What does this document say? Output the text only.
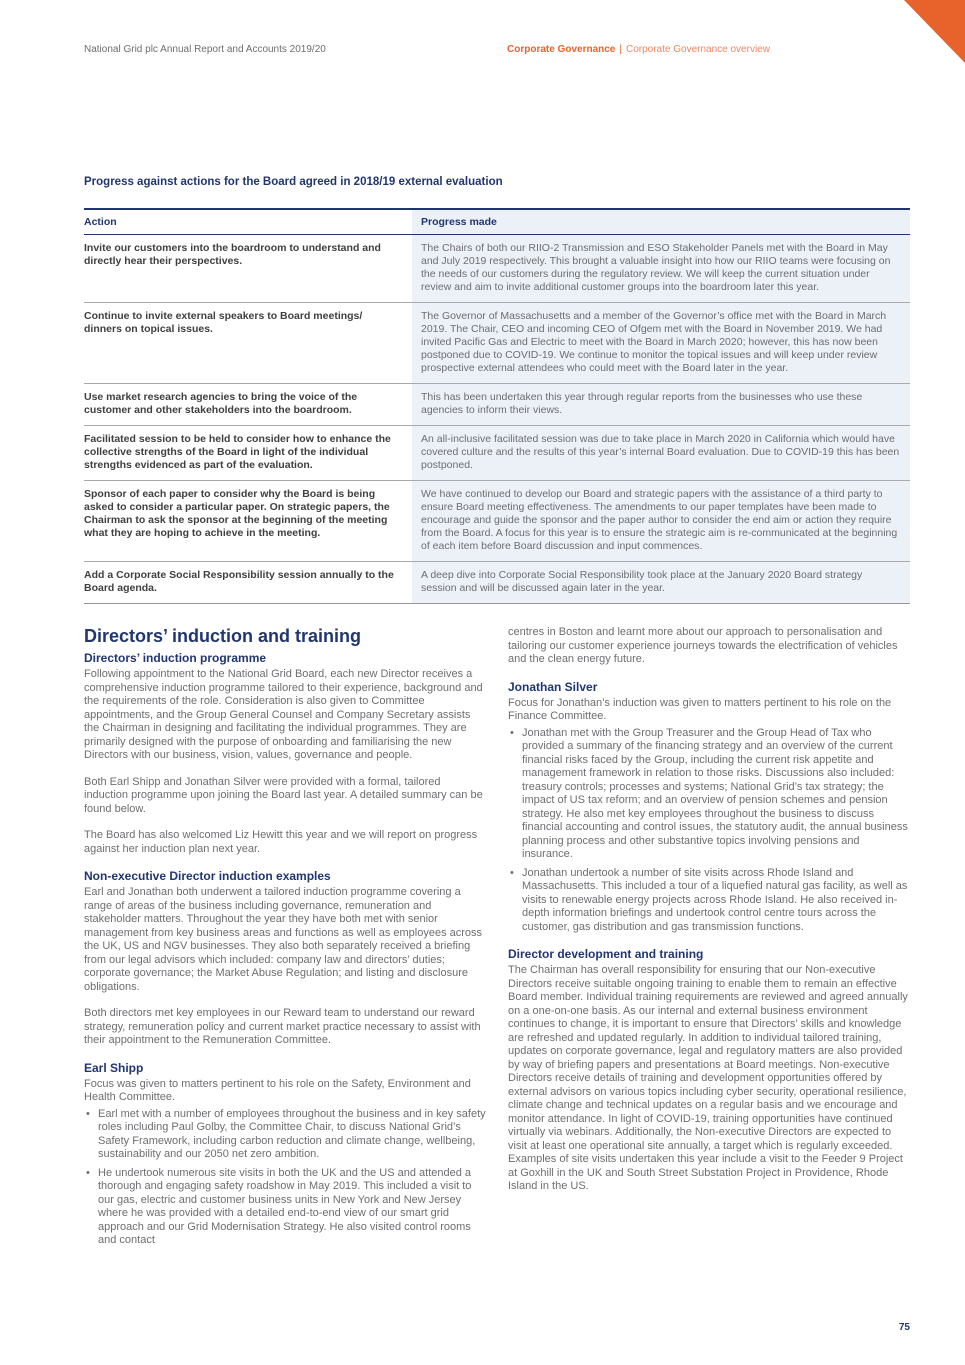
National Grid plc Annual Report and Accounts 2019/20	Corporate Governance | Corporate Governance overview
Progress against actions for the Board agreed in 2018/19 external evaluation
Action	Progress made
Invite our customers into the boardroom to understand and directly hear their perspectives.
The Chairs of both our RIIO-2 Transmission and ESO Stakeholder Panels met with the Board in May and July 2019 respectively. This brought a valuable insight into how our RIIO teams were focusing on the needs of our customers during the regulatory review. We will keep the current situation under review and aim to invite additional customer groups into the boardroom later this year.
Continue to invite external speakers to Board meetings/ dinners on topical issues.
The Governor of Massachusetts and a member of the Governor’s office met with the Board in March 2019. The Chair, CEO and incoming CEO of Ofgem met with the Board in November 2019. We had invited Pacific Gas and Electric to meet with the Board in March 2020; however, this has now been postponed due to COVID-19. We continue to monitor the topical issues and will keep under review prospective external attendees who could meet with the Board later in the year.
Use market research agencies to bring the voice of the customer and other stakeholders into the boardroom.
This has been undertaken this year through regular reports from the businesses who use these agencies to inform their views.
Facilitated session to be held to consider how to enhance the collective strengths of the Board in light of the individual strengths evidenced as part of the evaluation.
An all-inclusive facilitated session was due to take place in March 2020 in California which would have covered culture and the results of this year’s internal Board evaluation. Due to COVID-19 this has been postponed.
Sponsor of each paper to consider why the Board is being asked to consider a particular paper. On strategic papers, the Chairman to ask the sponsor at the beginning of the meeting what they are hoping to achieve in the meeting.
We have continued to develop our Board and strategic papers with the assistance of a third party to ensure Board meeting effectiveness. The amendments to our paper templates have been made to encourage and guide the sponsor and the paper author to consider the end aim or action they require from the Board. A focus for this year is to ensure the strategic aim is re-communicated at the beginning of each item before Board discussion and input commences.
Add a Corporate Social Responsibility session annually to the Board agenda.
A deep dive into Corporate Social Responsibility took place at the January 2020 Board strategy session and will be discussed again later in the year.
Directors’ induction and training
Directors’ induction programme

Following appointment to the National Grid Board, each new Director receives a comprehensive induction programme tailored to their experience, background and the requirements of the role. Consideration is also given to Committee appointments, and the Group General Counsel and Company Secretary assists the Chairman in designing and facilitating the individual programmes. They are primarily designed with the purpose of onboarding and familiarising the new Directors with our business, vision, values, governance and people.

Both Earl Shipp and Jonathan Silver were provided with a formal, tailored induction programme upon joining the Board last year. A detailed summary can be found below.

The Board has also welcomed Liz Hewitt this year and we will report on progress against her induction plan next year.

Non-executive Director induction examples

Earl and Jonathan both underwent a tailored induction programme covering a range of areas of the business including governance, remuneration and stakeholder matters. Throughout the year they have both met with senior management from key business areas and functions as well as employees across the UK, US and NGV businesses. They also both separately received a briefing from our legal advisors which included: company law and directors’ duties; corporate governance; the Market Abuse Regulation; and listing and disclosure obligations.

Both directors met key employees in our Reward team to understand our reward strategy, remuneration policy and current market practice necessary to assist with their appointment to the Remuneration Committee.

Earl Shipp

Focus was given to matters pertinent to his role on the Safety, Environment and Health Committee.

• Earl met with a number of employees throughout the business and in key safety roles including Paul Golby, the Committee Chair, to discuss National Grid’s Safety Framework, including carbon reduction and climate change, wellbeing, sustainability and our 2050 net zero ambition.
• He undertook numerous site visits in both the UK and the US and attended a thorough and engaging safety roadshow in May 2019. This included a visit to our gas, electric and customer business units in New York and New Jersey where he was provided with a detailed end-to-end view of our smart grid approach and our Grid Modernisation Strategy. He also visited control rooms and contact

centres in Boston and learnt more about our approach to personalisation and tailoring our customer experience journeys towards the electrification of vehicles and the clean energy future.

Jonathan Silver

Focus for Jonathan’s induction was given to matters pertinent to his role on the Finance Committee.

• Jonathan met with the Group Treasurer and the Group Head of Tax who provided a summary of the financing strategy and an overview of the current financial risks faced by the Group, including the current risk appetite and management framework in relation to those risks. Discussions also included: treasury controls; processes and systems; National Grid’s tax strategy; the impact of US tax reform; and an overview of pension schemes and pension strategy. He also met key employees throughout the business to discuss financial accounting and control issues, the statutory audit, the annual business planning process and other substantive topics involving pensions and insurance.
• Jonathan undertook a number of site visits across Rhode Island and Massachusetts. This included a tour of a liquefied natural gas facility, as well as visits to renewable energy projects across Rhode Island. He also received in-depth information briefings and undertook control centre tours across the customer, gas distribution and gas transmission functions.
Director development and training

The Chairman has overall responsibility for ensuring that our Non-executive Directors receive suitable ongoing training to enable them to remain an effective Board member. Individual training requirements are reviewed and agreed annually on a one-on-one basis. As our internal and external business environment continues to change, it is important to ensure that Directors’ skills and knowledge are refreshed and updated regularly. In addition to individual tailored training, updates on corporate governance, legal and regulatory matters are also provided by way of briefing papers and presentations at Board meetings. Non-executive Directors receive details of training and development opportunities offered by external advisors on various topics including cyber security, operational resilience, climate change and technical updates on a regular basis and we encourage and monitor attendance. In light of COVID-19, training opportunities have continued virtually via webinars. Additionally, the Non-executive Directors are expected to visit at least one operational site annually, a target which is regularly exceeded. Examples of site visits undertaken this year include a visit to the Feeder 9 Project at Goxhill in the UK and South Street Substation Project in Providence, Rhode Island in the US.

75
